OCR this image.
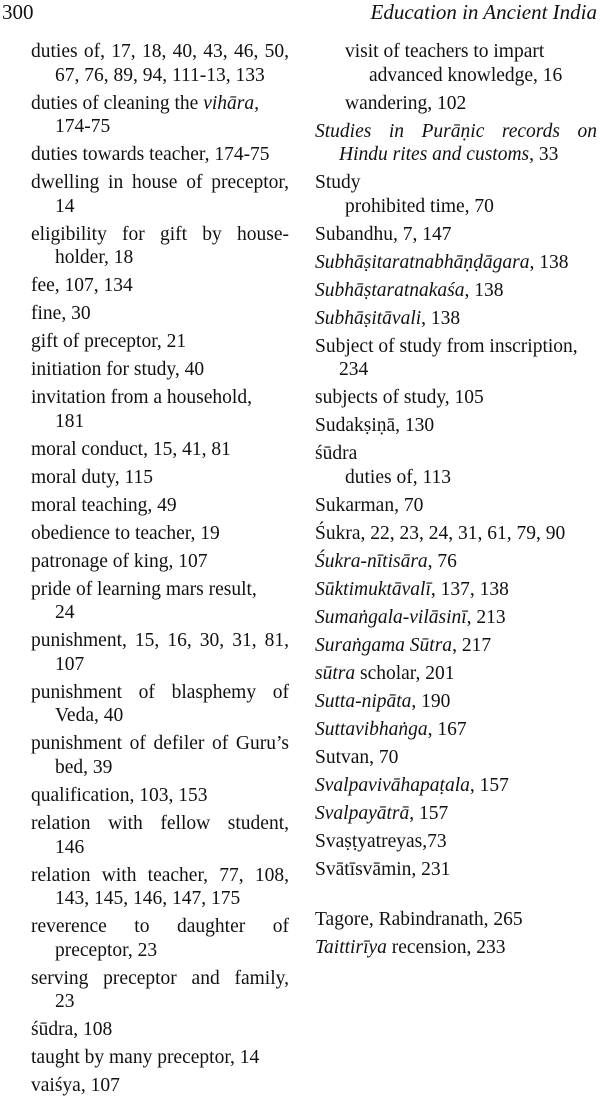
300	Education in Ancient India
duties of, 17, 18, 40, 43, 46, 50,
67, 76, 89, 94, 111-13, 133
duties of cleaning the vihāra,
174-75
duties towards teacher, 174-75
dwelling in house of preceptor,
14
eligibility for gift by house-
holder, 18
fee, 107, 134
fine, 30
gift of preceptor, 21
initiation for study, 40
invitation from a household,
181
moral conduct, 15, 41, 81
moral duty, 115
moral teaching, 49
obedience to teacher, 19
patronage of king, 107
pride of learning mars result,
24
punishment, 15, 16, 30, 31, 81,
107
punishment of blasphemy of
Veda, 40
punishment of defiler of Guru’s
bed, 39
qualification, 103, 153
relation with fellow student,
146
relation with teacher, 77, 108,
143, 145, 146, 147, 175
reverence to daughter of
preceptor, 23
serving preceptor and family,
23
śūdra, 108
taught by many preceptor, 14
vaiśya, 107
visit of teachers to impart
advanced knowledge, 16
wandering, 102
Studies in Purāṇic records on
Hindu rites and customs, 33
Study
prohibited time, 70
Subandhu, 7, 147
Subhāṣitaratnabhāṇḍāgara, 138
Subhāṣtaratnakaśa, 138
Subhāṣitāvali, 138
Subject of study from inscription,
234
subjects of study, 105
Sudakṣiṇā, 130
śūdra
duties of, 113
Sukarman, 70
Śukra, 22, 23, 24, 31, 61, 79, 90
Śukra-nītisāra, 76
Sūktimuktāvalī, 137, 138
Sumaṅgala-vilāsinī, 213
Suraṅgama Sūtra, 217
sūtra scholar, 201
Sutta-nipāta, 190
Suttavibhaṅga, 167
Sutvan, 70
Svalpavivāhapaṭala, 157
Svalpayātrā, 157
Svaṣṭyatreyas,73
Svātīsvāmin, 231
Tagore, Rabindranath, 265
Taittirīya recension, 233
